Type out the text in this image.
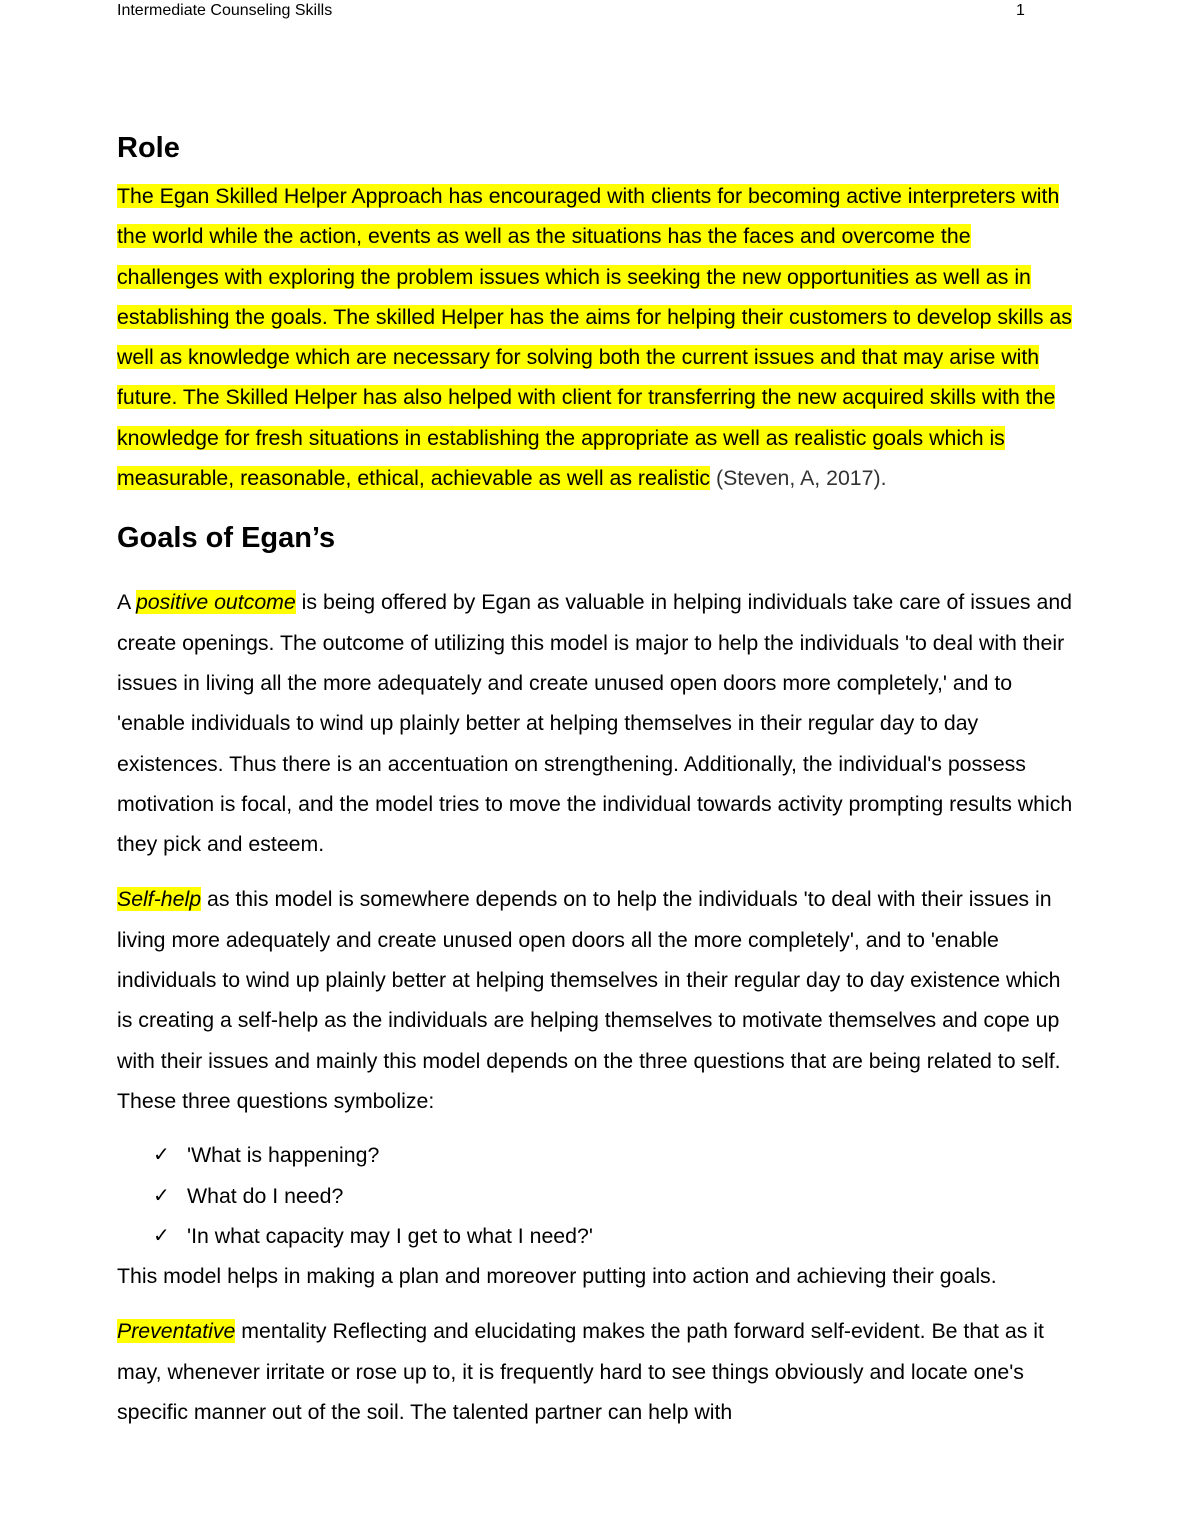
Intermediate Counseling Skills	1
Role

The Egan Skilled Helper Approach has encouraged with clients for becoming active interpreters with the world while the action, events as well as the situations has the faces and overcome the challenges with exploring the problem issues which is seeking the new opportunities as well as in establishing the goals. The skilled Helper has the aims for helping their customers to develop skills as well as knowledge which are necessary for solving both the current issues and that may arise with future. The Skilled Helper has also helped with client for transferring the new acquired skills with the knowledge for fresh situations in establishing the appropriate as well as realistic goals which is measurable, reasonable, ethical, achievable as well as realistic (Steven, A, 2017).

Goals of Egan’s

A positive outcome is being offered by Egan as valuable in helping individuals take care of issues and create openings. The outcome of utilizing this model is major to help the individuals 'to deal with their issues in living all the more adequately and create unused open doors more completely,' and to 'enable individuals to wind up plainly better at helping themselves in their regular day to day existences. Thus there is an accentuation on strengthening. Additionally, the individual's possess motivation is focal, and the model tries to move the individual towards activity prompting results which they pick and esteem.

Self-help as this model is somewhere depends on to help the individuals 'to deal with their issues in living more adequately and create unused open doors all the more completely', and to 'enable individuals to wind up plainly better at helping themselves in their regular day to day existence which is creating a self-help as the individuals are helping themselves to motivate themselves and cope up with their issues and mainly this model depends on the three questions that are being related to self. These three questions symbolize:

✓ 'What is happening?
✓ What do I need?
✓ 'In what capacity may I get to what I need?'

This model helps in making a plan and moreover putting into action and achieving their goals.

Preventative mentality Reflecting and elucidating makes the path forward self-evident. Be that as it may, whenever irritate or rose up to, it is frequently hard to see things obviously and locate one's specific manner out of the soil. The talented partner can help with
